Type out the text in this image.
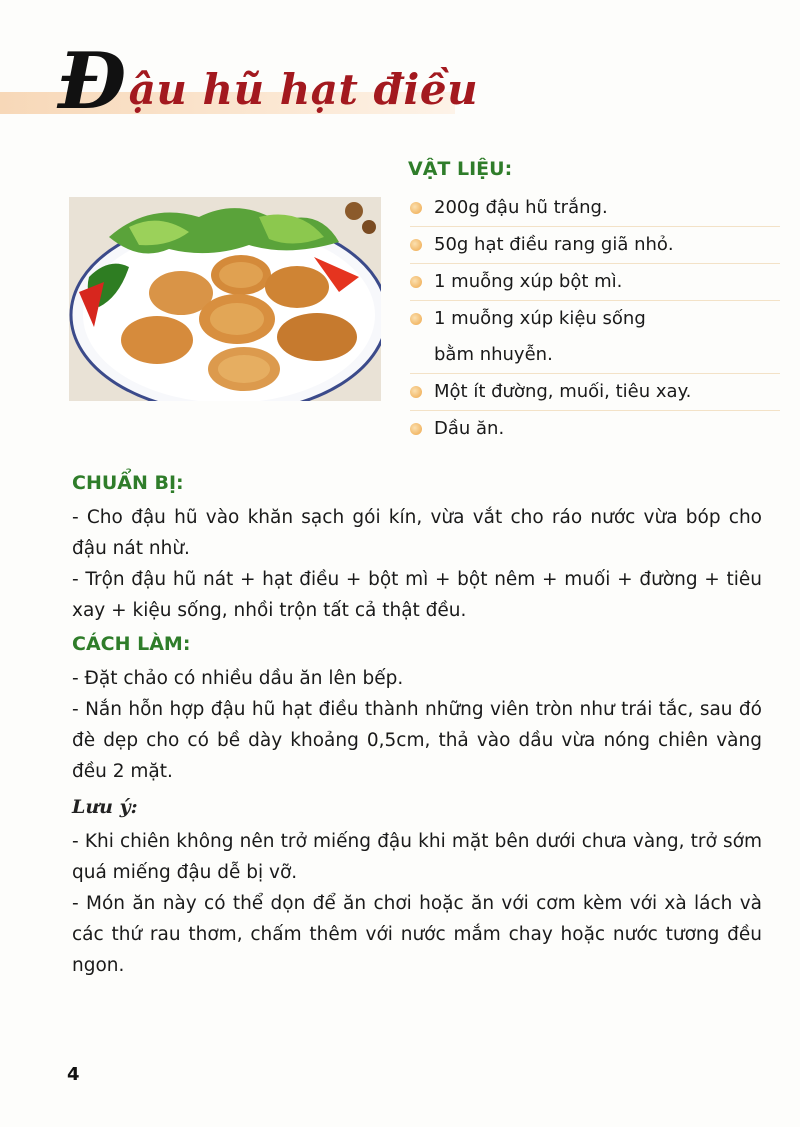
Đậu hũ hạt điều
VẬT LIỆU:
200g đậu hũ trắng.
50g hạt điều rang giã nhỏ.
1 muỗng xúp bột mì.
1 muỗng xúp kiệu sống
bằm nhuyễn.
Một ít đường, muối, tiêu xay.
Dầu ăn.
CHUẨN BỊ:
- Cho đậu hũ vào khăn sạch gói kín, vừa vắt cho ráo nước vừa bóp cho đậu nát nhừ.
- Trộn đậu hũ nát + hạt điều + bột mì + bột nêm + muối + đường + tiêu xay + kiệu sống, nhồi trộn tất cả thật đều.
CÁCH LÀM:
- Đặt chảo có nhiều dầu ăn lên bếp.
- Nắn hỗn hợp đậu hũ hạt điều thành những viên tròn như trái tắc, sau đó đè dẹp cho có bề dày khoảng 0,5cm, thả vào dầu vừa nóng chiên vàng đều 2 mặt.
Lưu ý:
- Khi chiên không nên trở miếng đậu khi mặt bên dưới chưa vàng, trở sớm quá miếng đậu dễ bị vỡ.
- Món ăn này có thể dọn để ăn chơi hoặc ăn với cơm kèm với xà lách và các thứ rau thơm, chấm thêm với nước mắm chay hoặc nước tương đều ngon.
4
